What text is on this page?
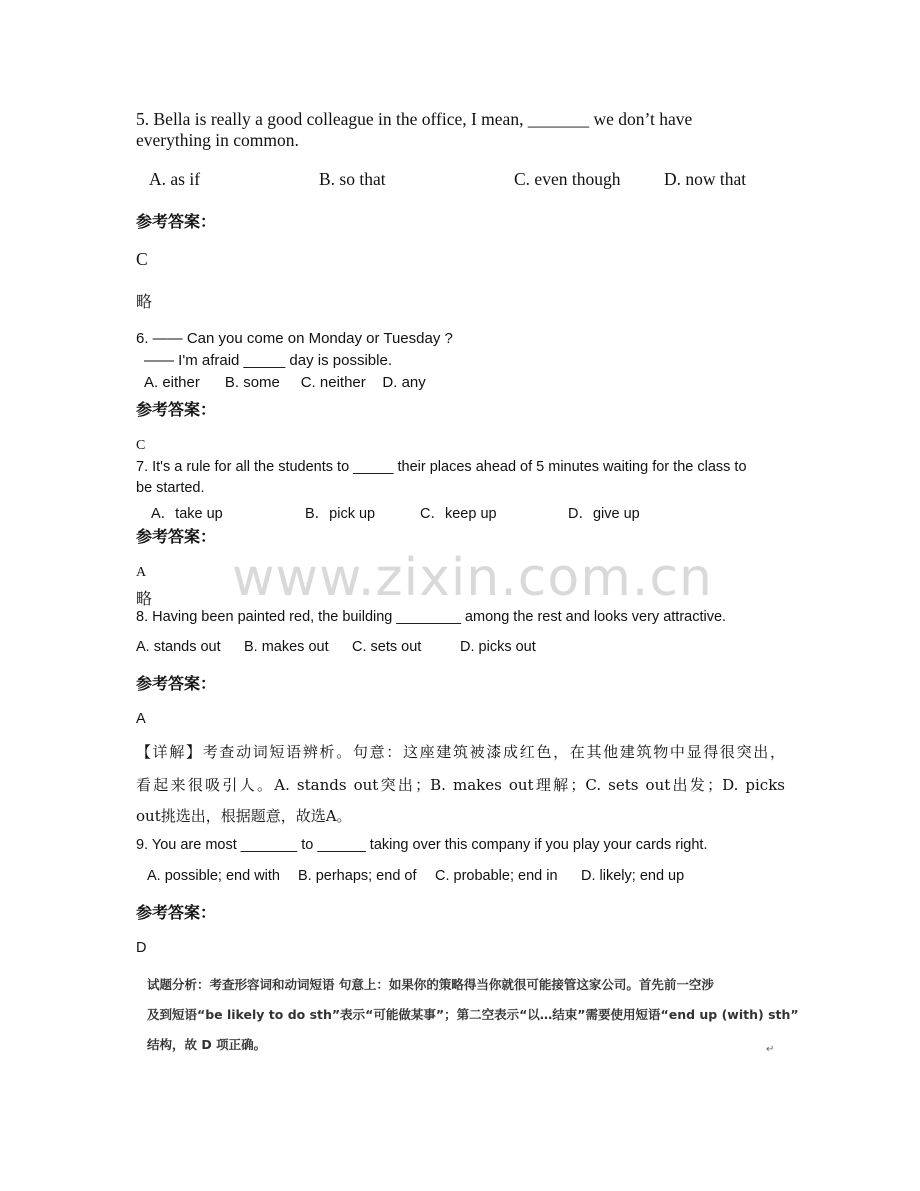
www.zixin.com.cn
5. Bella is really a good colleague in the office, I mean, _______ we don’t have
everything in common.
A. as if	B. so that	C. even though D. now that
参考答案：
C
略
6. —— Can you come on Monday or Tuesday ?
—— I'm afraid _____ day is possible.
A. either      B. some     C. neither    D. any
参考答案：
C
7. It's a rule for all the students to _____ their places ahead of 5 minutes waiting for the class to
be started.
A．take up	B．pick up	C．keep up	D．give up
参考答案：
A
略
8. Having been painted red, the building ________ among the rest and looks very attractive.
A. stands out B. makes out C. sets out	D. picks out
参考答案：
A
【详解】考查动词短语辨析。句意：这座建筑被漆成红色，在其他建筑物中显得很突出，
看起来很吸引人。A. stands out突出；B. makes out理解；C. sets out出发；D. picks
out挑选出，根据题意，故选A。
9. You are most _______ to ______ taking over this company if you play your cards right.
A. possible; end with B. perhaps; end of C. probable; end in D. likely; end up
参考答案：
D
试题分析：考查形容词和动词短语 句意上：如果你的策略得当你就很可能接管这家公司。首先前一空涉
及到短语“be likely to do sth”表示“可能做某事”；第二空表示“以…结束”需要使用短语“end up (with) sth”
结构，故 D 项正确。	↵
